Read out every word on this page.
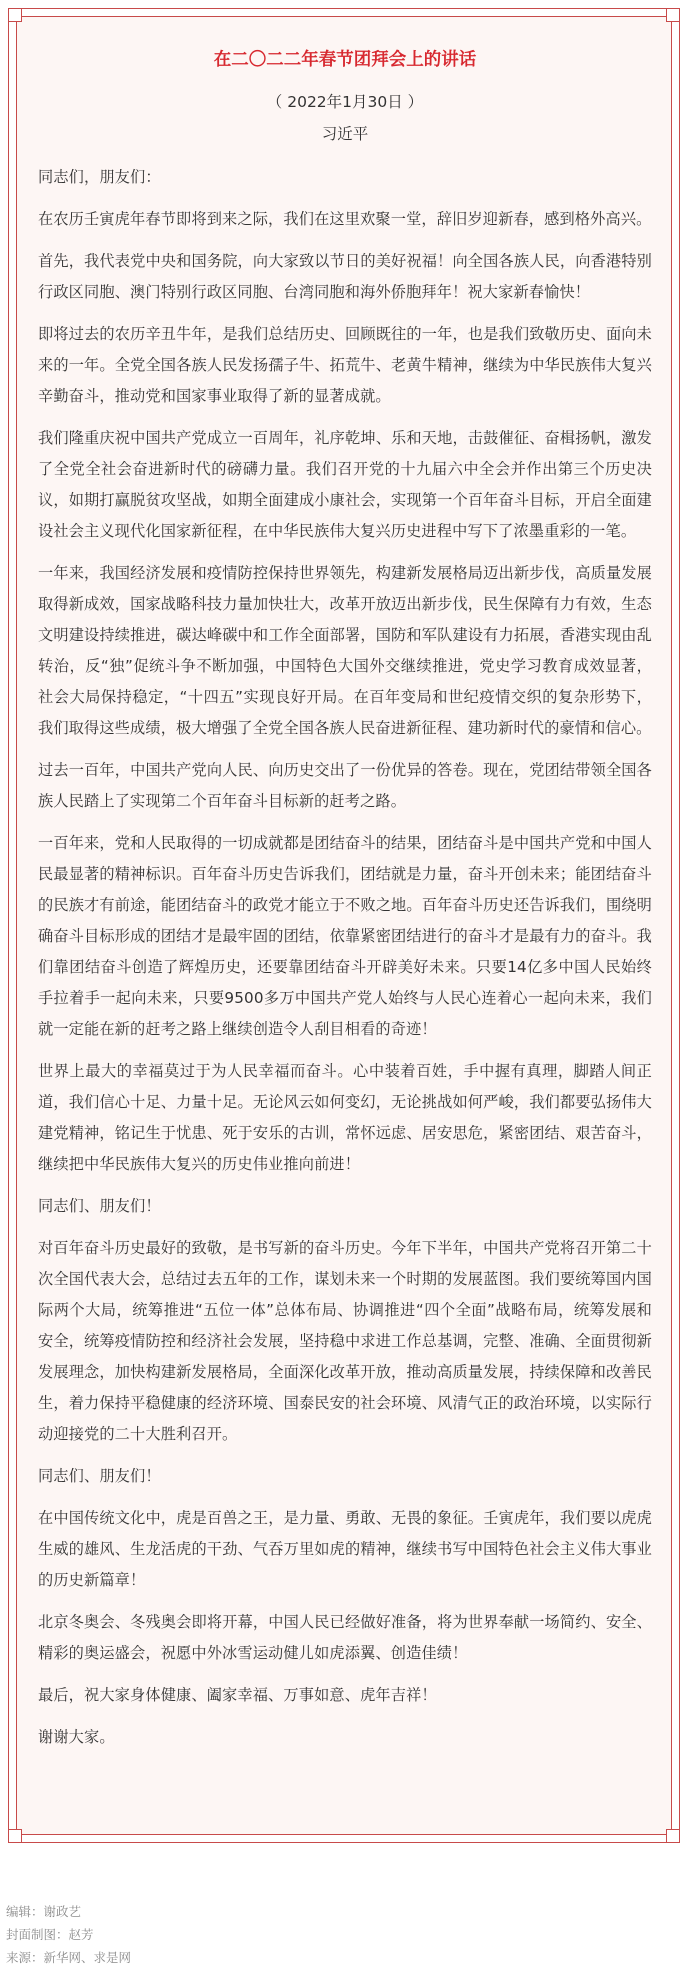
在二〇二二年春节团拜会上的讲话

（ 2022年1月30日 ）

习近平

同志们，朋友们：

在农历壬寅虎年春节即将到来之际，我们在这里欢聚一堂，辞旧岁迎新春，感到格外高兴。

首先，我代表党中央和国务院，向大家致以节日的美好祝福！向全国各族人民，向香港特别行政区同胞、澳门特别行政区同胞、台湾同胞和海外侨胞拜年！祝大家新春愉快！

即将过去的农历辛丑牛年，是我们总结历史、回顾既往的一年，也是我们致敬历史、面向未来的一年。全党全国各族人民发扬孺子牛、拓荒牛、老黄牛精神，继续为中华民族伟大复兴辛勤奋斗，推动党和国家事业取得了新的显著成就。

我们隆重庆祝中国共产党成立一百周年，礼序乾坤、乐和天地，击鼓催征、奋楫扬帆，激发了全党全社会奋进新时代的磅礴力量。我们召开党的十九届六中全会并作出第三个历史决议，如期打赢脱贫攻坚战，如期全面建成小康社会，实现第一个百年奋斗目标，开启全面建设社会主义现代化国家新征程，在中华民族伟大复兴历史进程中写下了浓墨重彩的一笔。

一年来，我国经济发展和疫情防控保持世界领先，构建新发展格局迈出新步伐，高质量发展取得新成效，国家战略科技力量加快壮大，改革开放迈出新步伐，民生保障有力有效，生态文明建设持续推进，碳达峰碳中和工作全面部署，国防和军队建设有力拓展，香港实现由乱转治，反“独”促统斗争不断加强，中国特色大国外交继续推进，党史学习教育成效显著，社会大局保持稳定，“十四五”实现良好开局。在百年变局和世纪疫情交织的复杂形势下，我们取得这些成绩，极大增强了全党全国各族人民奋进新征程、建功新时代的豪情和信心。

过去一百年，中国共产党向人民、向历史交出了一份优异的答卷。现在，党团结带领全国各族人民踏上了实现第二个百年奋斗目标新的赶考之路。

一百年来，党和人民取得的一切成就都是团结奋斗的结果，团结奋斗是中国共产党和中国人民最显著的精神标识。百年奋斗历史告诉我们，团结就是力量，奋斗开创未来；能团结奋斗的民族才有前途，能团结奋斗的政党才能立于不败之地。百年奋斗历史还告诉我们，围绕明确奋斗目标形成的团结才是最牢固的团结，依靠紧密团结进行的奋斗才是最有力的奋斗。我们靠团结奋斗创造了辉煌历史，还要靠团结奋斗开辟美好未来。只要14亿多中国人民始终手拉着手一起向未来，只要9500多万中国共产党人始终与人民心连着心一起向未来，我们就一定能在新的赶考之路上继续创造令人刮目相看的奇迹！

世界上最大的幸福莫过于为人民幸福而奋斗。心中装着百姓，手中握有真理，脚踏人间正道，我们信心十足、力量十足。无论风云如何变幻，无论挑战如何严峻，我们都要弘扬伟大建党精神，铭记生于忧患、死于安乐的古训，常怀远虑、居安思危，紧密团结、艰苦奋斗，继续把中华民族伟大复兴的历史伟业推向前进！

同志们、朋友们！

对百年奋斗历史最好的致敬，是书写新的奋斗历史。今年下半年，中国共产党将召开第二十次全国代表大会，总结过去五年的工作，谋划未来一个时期的发展蓝图。我们要统筹国内国际两个大局，统筹推进“五位一体”总体布局、协调推进“四个全面”战略布局，统筹发展和安全，统筹疫情防控和经济社会发展，坚持稳中求进工作总基调，完整、准确、全面贯彻新发展理念，加快构建新发展格局，全面深化改革开放，推动高质量发展，持续保障和改善民生，着力保持平稳健康的经济环境、国泰民安的社会环境、风清气正的政治环境，以实际行动迎接党的二十大胜利召开。

同志们、朋友们！

在中国传统文化中，虎是百兽之王，是力量、勇敢、无畏的象征。壬寅虎年，我们要以虎虎生威的雄风、生龙活虎的干劲、气吞万里如虎的精神，继续书写中国特色社会主义伟大事业的历史新篇章！

北京冬奥会、冬残奥会即将开幕，中国人民已经做好准备，将为世界奉献一场简约、安全、精彩的奥运盛会，祝愿中外冰雪运动健儿如虎添翼、创造佳绩！

最后，祝大家身体健康、阖家幸福、万事如意、虎年吉祥！

谢谢大家。

编辑：谢政艺
封面制图：赵芳
来源：新华网、求是网
